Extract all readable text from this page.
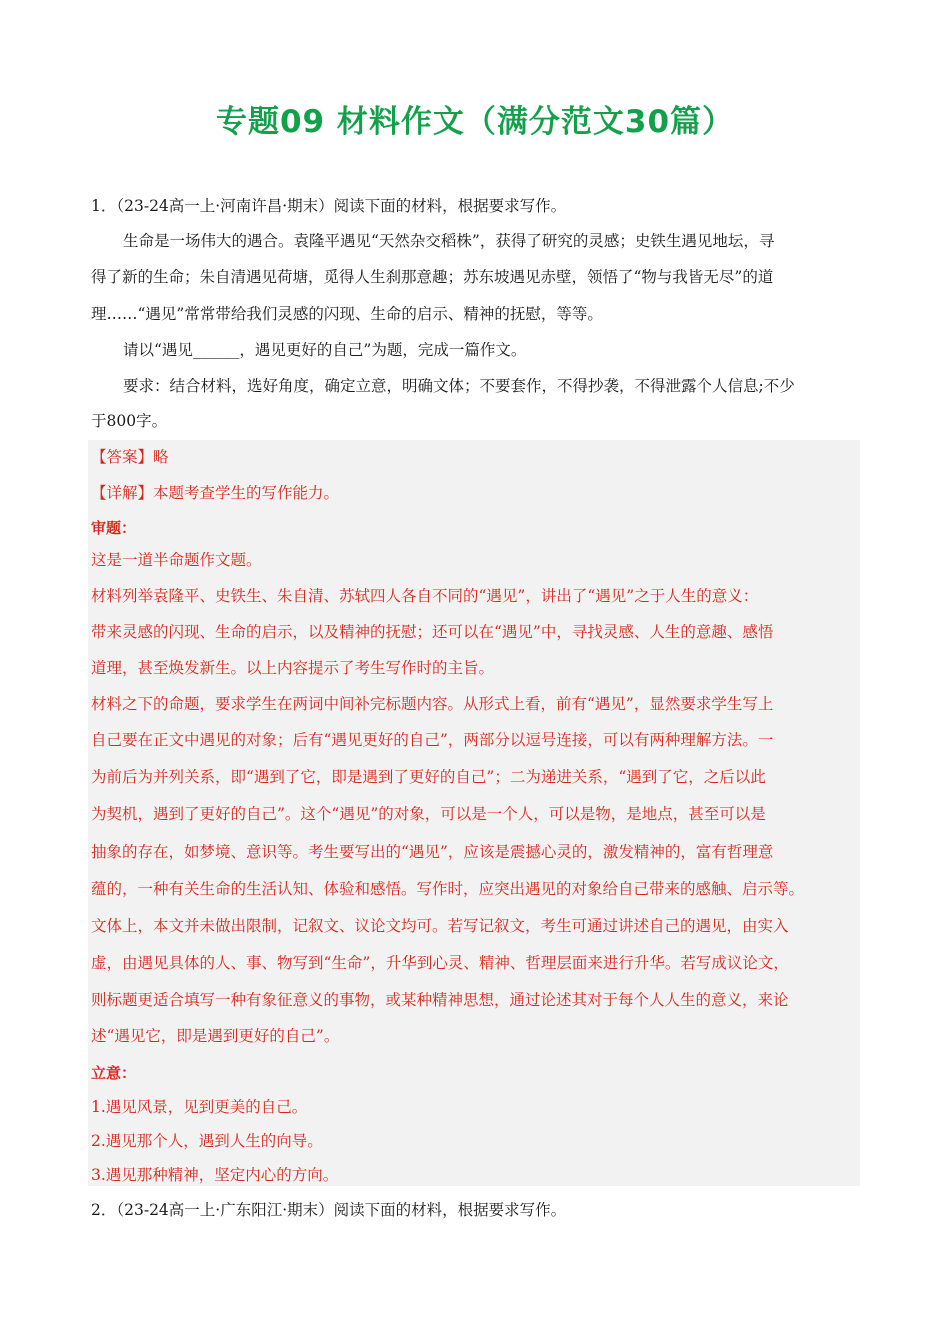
专题09 材料作文（满分范文30篇）
1．（23-24高一上·河南许昌·期末）阅读下面的材料，根据要求写作。
生命是一场伟大的遇合。袁隆平遇见“天然杂交稻株”，获得了研究的灵感；史铁生遇见地坛，寻
得了新的生命；朱自清遇见荷塘，觅得人生刹那意趣；苏东坡遇见赤壁，领悟了“物与我皆无尽”的道
理……“遇见”常常带给我们灵感的闪现、生命的启示、精神的抚慰，等等。
请以“遇见______，遇见更好的自己”为题，完成一篇作文。
要求：结合材料，选好角度，确定立意，明确文体；不要套作，不得抄袭，不得泄露个人信息;不少
于800字。
【答案】略
【详解】本题考查学生的写作能力。
审题：
这是一道半命题作文题。
材料列举袁隆平、史铁生、朱自清、苏轼四人各自不同的“遇见”，讲出了“遇见”之于人生的意义：
带来灵感的闪现、生命的启示，以及精神的抚慰；还可以在“遇见”中，寻找灵感、人生的意趣、感悟
道理，甚至焕发新生。以上内容提示了考生写作时的主旨。
材料之下的命题，要求学生在两词中间补完标题内容。从形式上看，前有“遇见”，显然要求学生写上
自己要在正文中遇见的对象；后有“遇见更好的自己”，两部分以逗号连接，可以有两种理解方法。一
为前后为并列关系，即“遇到了它，即是遇到了更好的自己”；二为递进关系，“遇到了它，之后以此
为契机，遇到了更好的自己”。这个“遇见”的对象，可以是一个人，可以是物，是地点，甚至可以是
抽象的存在，如梦境、意识等。考生要写出的“遇见”，应该是震撼心灵的，激发精神的，富有哲理意
蕴的，一种有关生命的生活认知、体验和感悟。写作时，应突出遇见的对象给自己带来的感触、启示等。
文体上，本文并未做出限制，记叙文、议论文均可。若写记叙文，考生可通过讲述自己的遇见，由实入
虚，由遇见具体的人、事、物写到“生命”，升华到心灵、精神、哲理层面来进行升华。若写成议论文，
则标题更适合填写一种有象征意义的事物，或某种精神思想，通过论述其对于每个人人生的意义，来论
述“遇见它，即是遇到更好的自己”。
立意：
1.遇见风景，见到更美的自己。
2.遇见那个人，遇到人生的向导。
3.遇见那种精神，坚定内心的方向。
2．（23-24高一上·广东阳江·期末）阅读下面的材料，根据要求写作。
